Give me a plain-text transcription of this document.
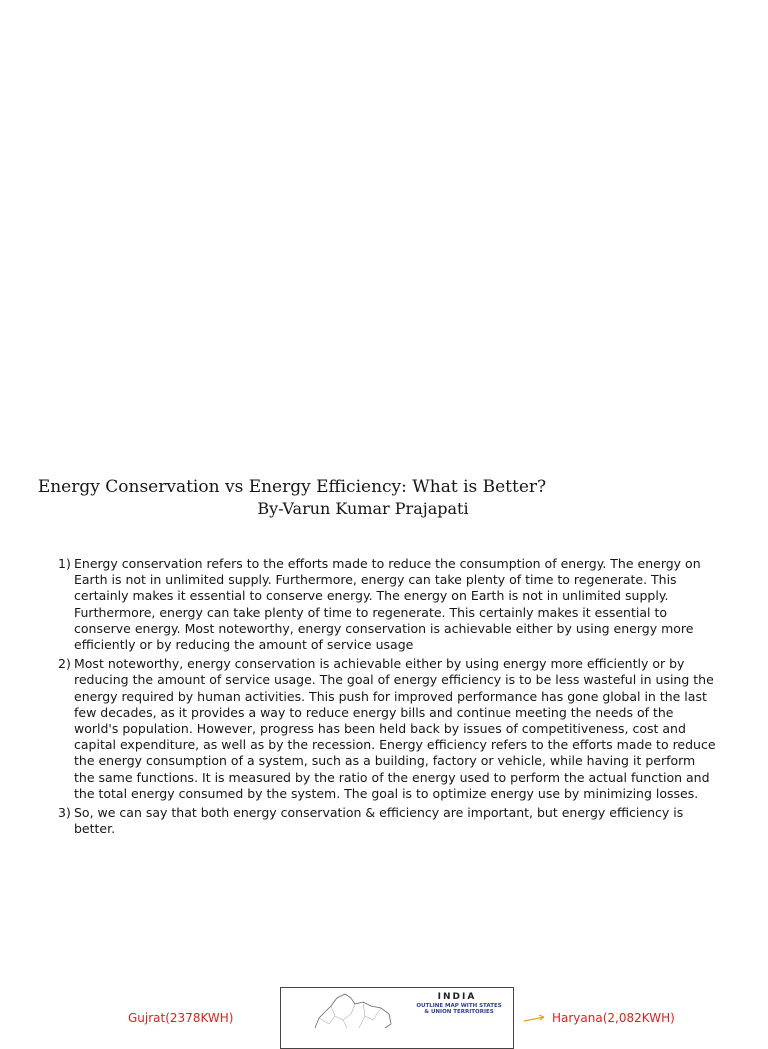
Energy Conservation vs Energy Efficiency: What is Better?
By-Varun Kumar Prajapati
1) Energy conservation refers to the efforts made to reduce the consumption of energy. The energy on Earth is not in unlimited supply. Furthermore, energy can take plenty of time to regenerate. This certainly makes it essential to conserve energy. The energy on Earth is not in unlimited supply. Furthermore, energy can take plenty of time to regenerate. This certainly makes it essential to conserve energy. Most noteworthy, energy conservation is achievable either by using energy more efficiently or by reducing the amount of service usage
2) Most noteworthy, energy conservation is achievable either by using energy more efficiently or by reducing the amount of service usage. The goal of energy efficiency is to be less wasteful in using the energy required by human activities. This push for improved performance has gone global in the last few decades, as it provides a way to reduce energy bills and continue meeting the needs of the world's population. However, progress has been held back by issues of competitiveness, cost and capital expenditure, as well as by the recession. Energy efficiency refers to the efforts made to reduce the energy consumption of a system, such as a building, factory or vehicle, while having it perform the same functions. It is measured by the ratio of the energy used to perform the actual function and the total energy consumed by the system. The goal is to optimize energy use by minimizing losses.
3) So, we can say that both energy conservation & efficiency are important, but energy efficiency is better.
Gujrat(2378KWH)
INDIA
OUTLINE MAP WITH STATES
& UNION TERRITORIES	Haryana(2,082KWH)
